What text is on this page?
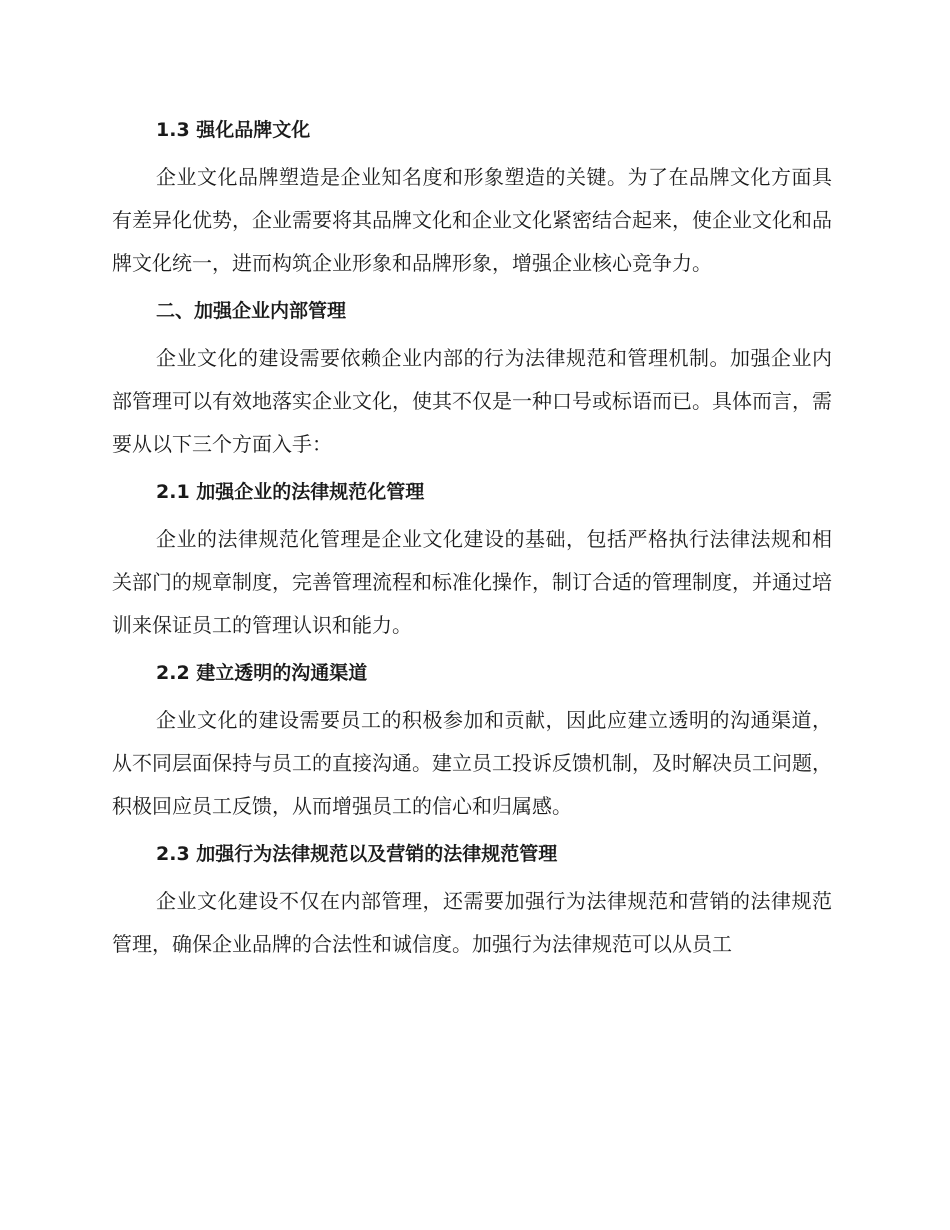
1.3 强化品牌文化

企业文化品牌塑造是企业知名度和形象塑造的关键。为了在品牌文化方面具有差异化优势，企业需要将其品牌文化和企业文化紧密结合起来，使企业文化和品牌文化统一，进而构筑企业形象和品牌形象，增强企业核心竞争力。

二、加强企业内部管理

企业文化的建设需要依赖企业内部的行为法律规范和管理机制。加强企业内部管理可以有效地落实企业文化，使其不仅是一种口号或标语而已。具体而言，需要从以下三个方面入手：

2.1 加强企业的法律规范化管理

企业的法律规范化管理是企业文化建设的基础，包括严格执行法律法规和相关部门的规章制度，完善管理流程和标准化操作，制订合适的管理制度，并通过培训来保证员工的管理认识和能力。

2.2 建立透明的沟通渠道

企业文化的建设需要员工的积极参加和贡献，因此应建立透明的沟通渠道，从不同层面保持与员工的直接沟通。建立员工投诉反馈机制，及时解决员工问题，积极回应员工反馈，从而增强员工的信心和归属感。

2.3 加强行为法律规范以及营销的法律规范管理

企业文化建设不仅在内部管理，还需要加强行为法律规范和营销的法律规范管理，确保企业品牌的合法性和诚信度。加强行为法律规范可以从员工
